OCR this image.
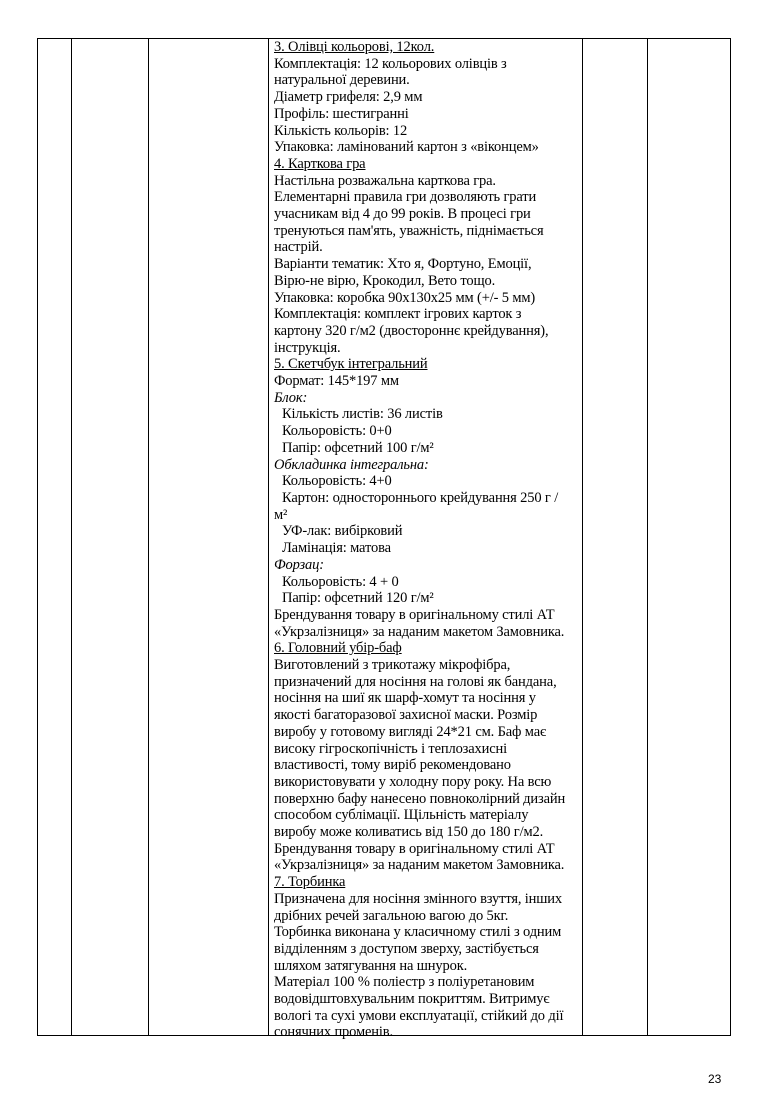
3. Олівці кольорові, 12кол.
Комплектація: 12 кольорових олівців з
натуральної деревини.
Діаметр грифеля: 2,9 мм
Профіль: шестигранні
Кількість кольорів: 12
Упаковка: ламінований картон з «віконцем»
4. Карткова гра
Настільна розважальна карткова гра.
Елементарні правила гри дозволяють грати
учасникам від 4 до 99 років. В процесі гри
тренуються пам'ять, уважність, піднімається
настрій.
Варіанти тематик: Хто я, Фортуно, Емоції,
Вірю-не вірю, Крокодил, Вето тощо.
Упаковка: коробка 90х130х25 мм (+/- 5 мм)
Комплектація: комплект ігрових карток з
картону 320 г/м2 (двостороннє крейдування),
інструкція.
5. Скетчбук інтегральний
Формат: 145*197 мм
Блок:
Кількість листів: 36 листів
Кольоровість: 0+0
Папір: офсетний 100 г/м²
Обкладинка інтегральна:
Кольоровість: 4+0
Картон: одностороннього крейдування 250 г /
м²
УФ-лак: вибірковий
Ламінація: матова
Форзац:
Кольоровість: 4 + 0
Папір: офсетний 120 г/м²
Брендування товару в оригінальному стилі АТ
«Укрзалізниця» за наданим макетом Замовника.
6. Головний убір-баф
Виготовлений з трикотажу мікрофібра,
призначений для носіння на голові як бандана,
носіння на шиї як шарф-хомут та носіння у
якості багаторазової захисної маски. Розмір
виробу у готовому вигляді 24*21 см. Баф має
високу гігроскопічність і теплозахисні
властивості, тому виріб рекомендовано
використовувати у холодну пору року. На всю
поверхню бафу нанесено повноколірний дизайн
способом сублімації. Щільність матеріалу
виробу може коливатись від 150 до 180 г/м2.
Брендування товару в оригінальному стилі АТ
«Укрзалізниця» за наданим макетом Замовника.
7. Торбинка
Призначена для носіння змінного взуття, інших
дрібних речей загальною вагою до 5кг.
Торбинка виконана у класичному стилі з одним
відділенням з доступом зверху, застібується
шляхом затягування на шнурок.
Матеріал 100 % поліестр з поліуретановим
водовідштовхувальним покриттям. Витримує
вологі та сухі умови експлуатації, стійкий до дії
сонячних променів.
23
